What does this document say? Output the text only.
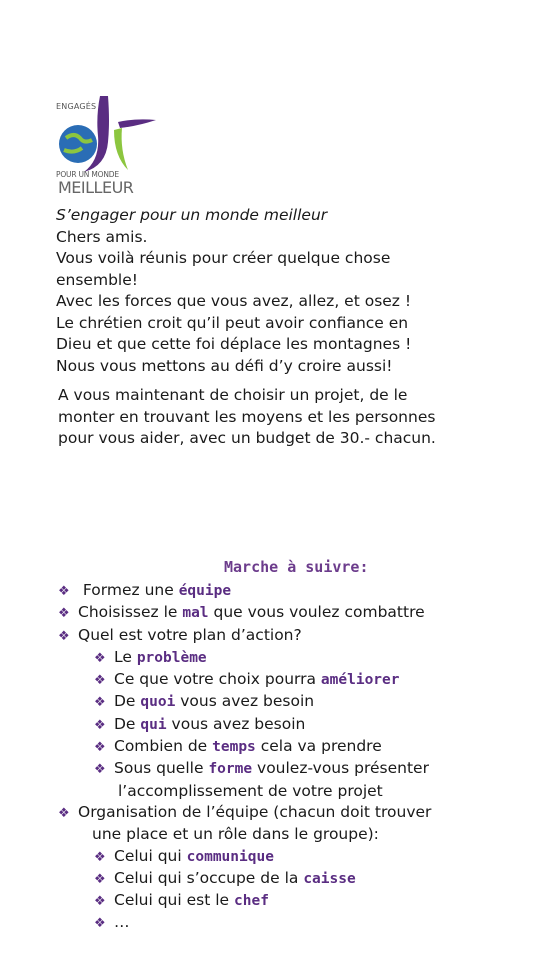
ENGAGÉS
POUR UN MONDE
MEILLEUR
S’engager pour un monde meilleur
Chers amis.
Vous voilà réunis pour créer quelque chose
ensemble!
Avec les forces que vous avez, allez, et osez !
Le chrétien croit qu’il peut avoir confiance en
Dieu et que cette foi déplace les montagnes !
Nous vous mettons au défi d’y croire aussi!
A vous maintenant de choisir un projet, de le
monter en trouvant les moyens et les personnes
pour vous aider, avec un budget de 30.- chacun.
Marche à suivre:
❖ Formez une équipe
❖ Choisissez le mal que vous voulez combattre
❖ Quel est votre plan d’action?
❖ Le problème
❖ Ce que votre choix pourra améliorer
❖ De quoi vous avez besoin
❖ De qui vous avez besoin
❖ Combien de temps cela va prendre
❖ Sous quelle forme voulez-vous présenter
l’accomplissement de votre projet
❖ Organisation de l’équipe (chacun doit trouver
une place et un rôle dans le groupe):
❖ Celui qui communique
❖ Celui qui s’occupe de la caisse
❖ Celui qui est le chef
❖ …
